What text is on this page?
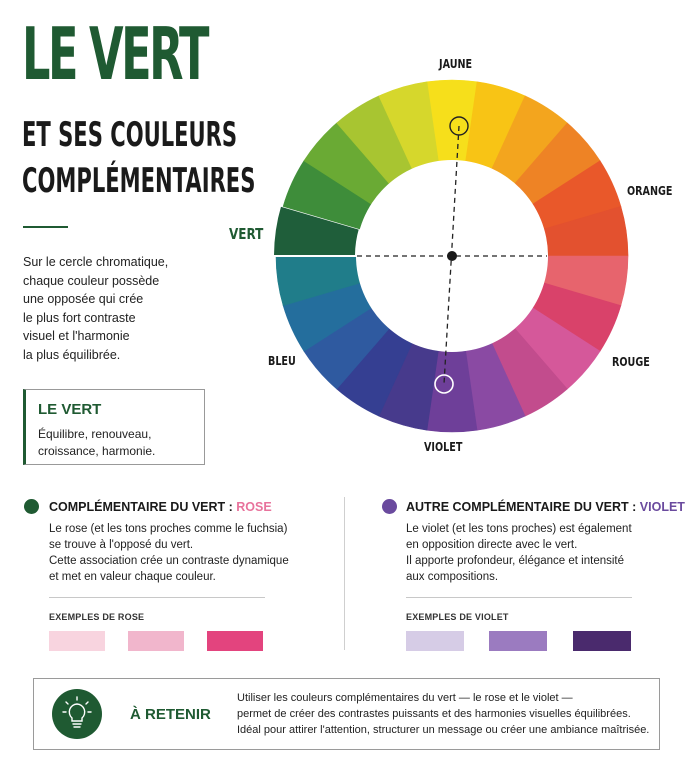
LE VERT
ET SES COULEURS
COMPLÉMENTAIRES
Sur le cercle chromatique,
chaque couleur possède
une opposée qui crée
le plus fort contraste
visuel et l'harmonie
la plus équilibrée.
LE VERT
Équilibre, renouveau,
croissance, harmonie.
JAUNE
ORANGE
ROUGE
VIOLET
BLEU
VERT
COMPLÉMENTAIRE DU VERT : ROSE
Le rose (et les tons proches comme le fuchsia)
se trouve à l'opposé du vert.
Cette association crée un contraste dynamique
et met en valeur chaque couleur.
EXEMPLES DE ROSE
AUTRE COMPLÉMENTAIRE DU VERT : VIOLET
Le violet (et les tons proches) est également
en opposition directe avec le vert.
Il apporte profondeur, élégance et intensité
aux compositions.
EXEMPLES DE VIOLET
À RETENIR
Utiliser les couleurs complémentaires du vert — le rose et le violet —
permet de créer des contrastes puissants et des harmonies visuelles équilibrées.
Idéal pour attirer l'attention, structurer un message ou créer une ambiance maîtrisée.
